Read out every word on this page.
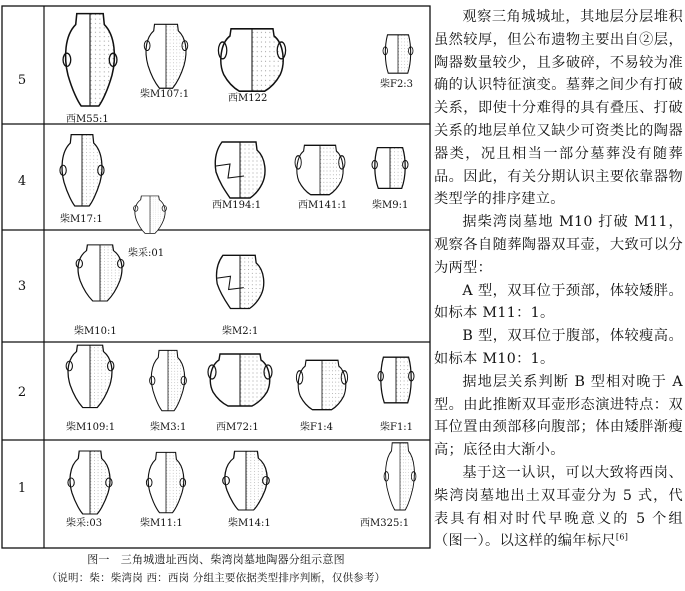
5
4
3
2
1
西M55:1
柴M107:1	西M122
柴F2:3
柴M17:1
柴采:01
西M194:1	西M141:1 柴M9:1
柴M10:1	柴M2:1
柴M109:1	柴M3:1	西M72:1	柴F1:4	柴F1:1
柴采:03	柴M11:1	柴M14:1	西M325:1
图一　三角城遗址西岗、柴湾岗墓地陶器分组示意图
（说明：柴：柴湾岗 西：西岗 分组主要依据类型排序判断，仅供参考）

观察三角城城址，其地层分层堆积虽然较厚，但公布遗物主要出自②层，陶器数量较少，且多破碎，不易较为准确的认识特征演变。墓葬之间少有打破关系，即使十分难得的具有叠压、打破关系的地层单位又缺少可资类比的陶器器类，况且相当一部分墓葬没有随葬品。因此，有关分期认识主要依靠器物类型学的排序建立。

据柴湾岗墓地 M10 打破 M11，观察各自随葬陶器双耳壶，大致可以分为两型：

A 型，双耳位于颈部，体较矮胖。如标本 M11：1。

B 型，双耳位于腹部，体较瘦高。如标本 M10：1。

据地层关系判断 B 型相对晚于 A 型。由此推断双耳壶形态演进特点：双耳位置由颈部移向腹部；体由矮胖渐瘦高；底径由大渐小。

基于这一认识，可以大致将西岗、柴湾岗墓地出土双耳壶分为 5 式，代表具有相对时代早晚意义的 5 个组（图一）。以这样的编年标尺[6]
